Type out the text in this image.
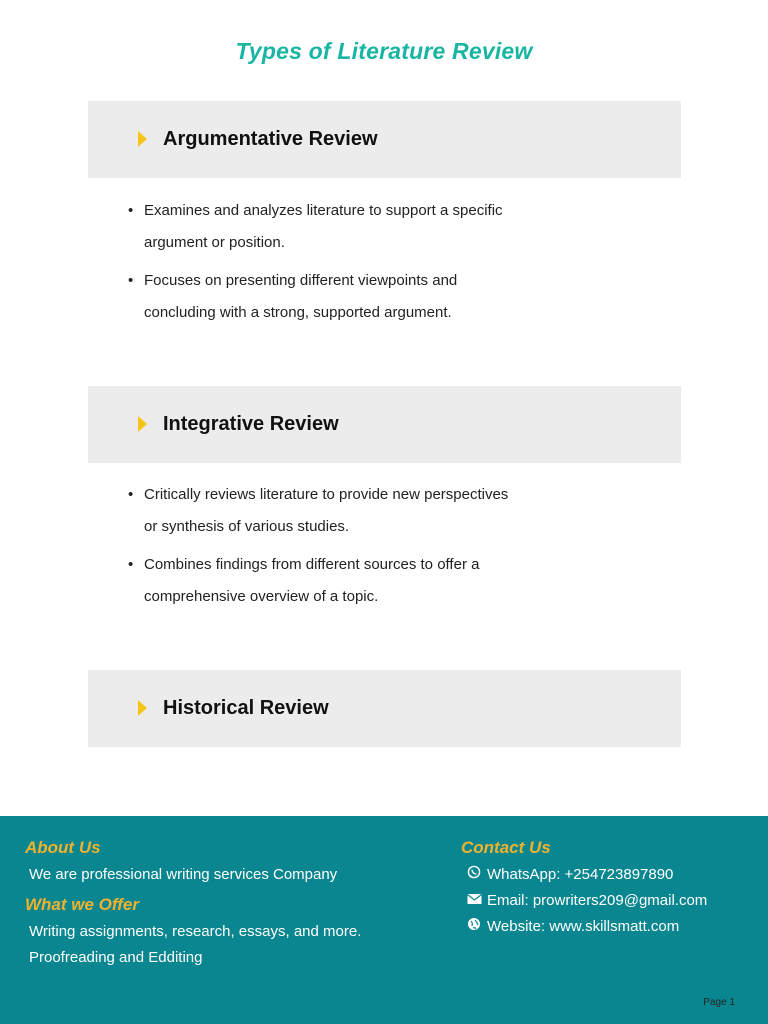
Types of Literature Review
Argumentative Review
• Examines and analyzes literature to support a specific
argument or position.
• Focuses on presenting different viewpoints and
concluding with a strong, supported argument.
Integrative Review
• Critically reviews literature to provide new perspectives
or synthesis of various studies.
• Combines findings from different sources to offer a
comprehensive overview of a topic.
Historical Review
About Us
We are professional writing services Company
What we Offer
Writing assignments, research, essays, and more.
Proofreading and Edditing
Contact Us
WhatsApp: +254723897890
Email: prowriters209@gmail.com
Website: www.skillsmatt.com
Page 1
